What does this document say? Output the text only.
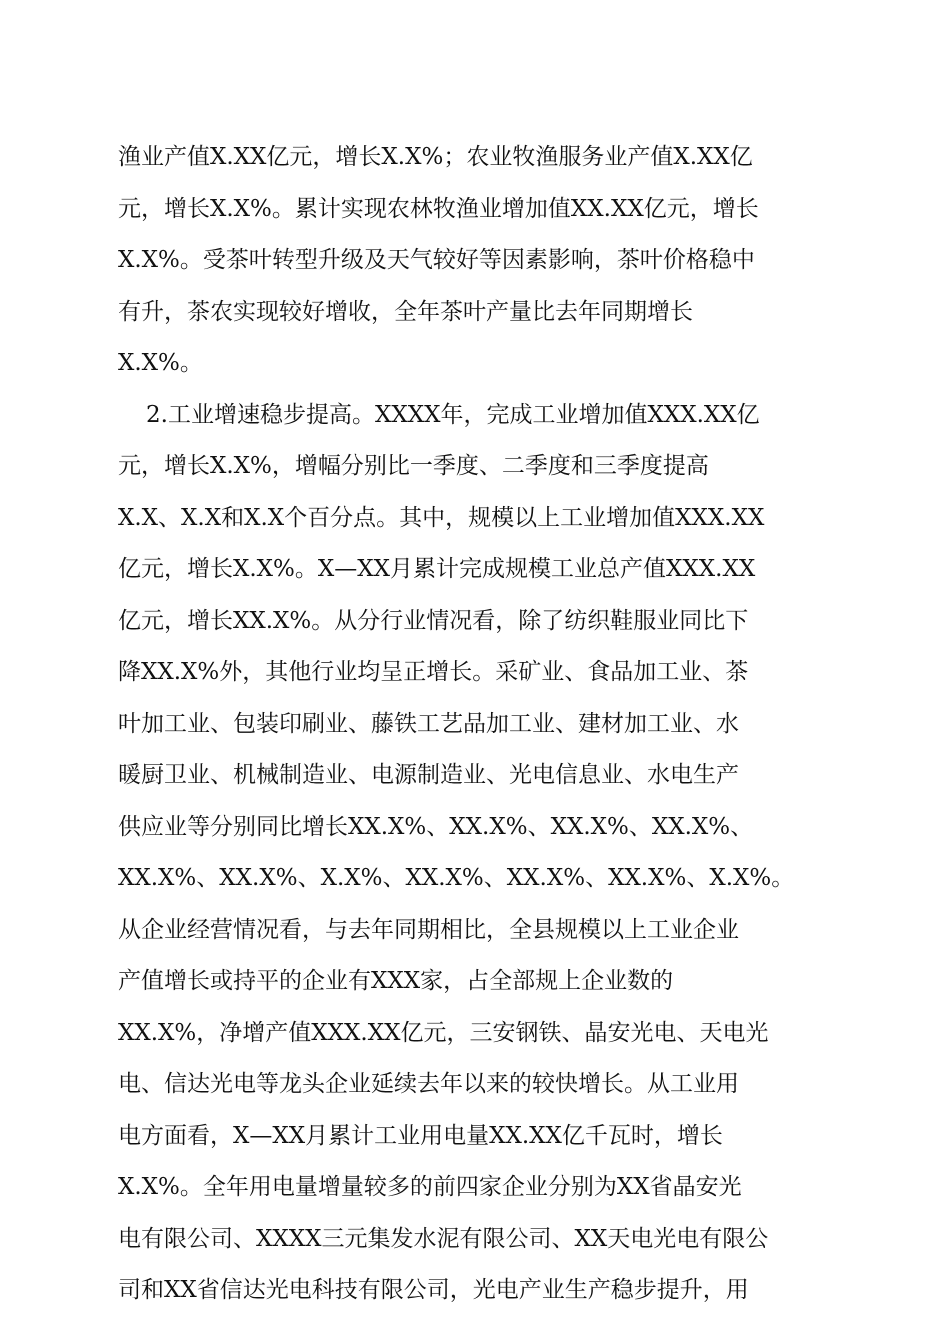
渔业产值X.XX亿元，增长X.X%；农业牧渔服务业产值X.XX亿
元，增长X.X%。累计实现农林牧渔业增加值XX.XX亿元，增长
X.X%。受茶叶转型升级及天气较好等因素影响，茶叶价格稳中
有升，茶农实现较好增收，全年茶叶产量比去年同期增长
X.X%。
2.工业增速稳步提高。XXXX年，完成工业增加值XXX.XX亿
元，增长X.X%，增幅分别比一季度、二季度和三季度提高
X.X、X.X和X.X个百分点。其中，规模以上工业增加值XXX.XX
亿元，增长X.X%。X—XX月累计完成规模工业总产值XXX.XX
亿元，增长XX.X%。从分行业情况看，除了纺织鞋服业同比下
降XX.X%外，其他行业均呈正增长。采矿业、食品加工业、茶
叶加工业、包装印刷业、藤铁工艺品加工业、建材加工业、水
暖厨卫业、机械制造业、电源制造业、光电信息业、水电生产
供应业等分别同比增长XX.X%、XX.X%、XX.X%、XX.X%、
XX.X%、XX.X%、X.X%、XX.X%、XX.X%、XX.X%、X.X%。
从企业经营情况看，与去年同期相比，全县规模以上工业企业
产值增长或持平的企业有XXX家，占全部规上企业数的
XX.X%，净增产值XXX.XX亿元，三安钢铁、晶安光电、天电光
电、信达光电等龙头企业延续去年以来的较快增长。从工业用
电方面看，X—XX月累计工业用电量XX.XX亿千瓦时，增长
X.X%。全年用电量增量较多的前四家企业分别为XX省晶安光
电有限公司、XXXX三元集发水泥有限公司、XX天电光电有限公
司和XX省信达光电科技有限公司，光电产业生产稳步提升，用
